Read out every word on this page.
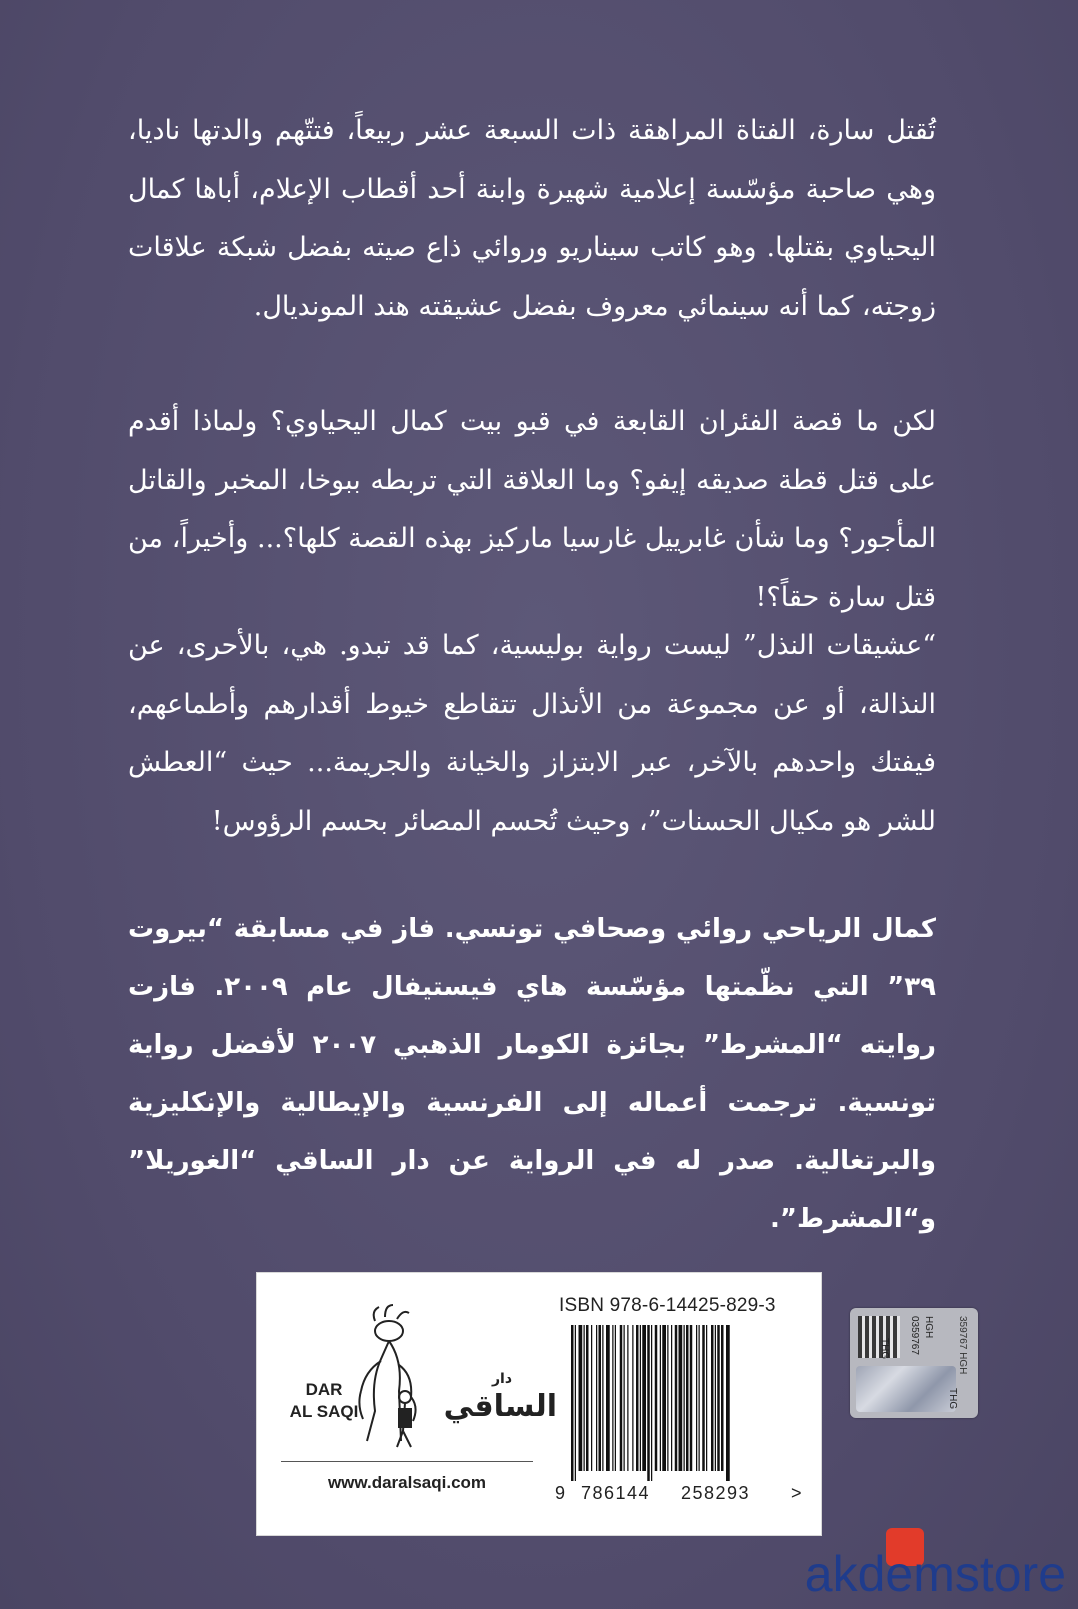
تُقتل سارة، الفتاة المراهقة ذات السبعة عشر ربيعاً، فتتّهم والدتها ناديا، وهي صاحبة مؤسّسة إعلامية شهيرة وابنة أحد أقطاب الإعلام، أباها كمال اليحياوي بقتلها. وهو كاتب سيناريو وروائي ذاع صيته بفضل شبكة علاقات زوجته، كما أنه سينمائي معروف بفضل عشيقته هند المونديال.

لكن ما قصة الفئران القابعة في قبو بيت كمال اليحياوي؟ ولماذا أقدم على قتل قطة صديقه إيفو؟ وما العلاقة التي تربطه ببوخا، المخبر والقاتل المأجور؟ وما شأن غابرييل غارسيا ماركيز بهذه القصة كلها؟... وأخيراً، من قتل سارة حقاً؟!

“عشيقات النذل” ليست رواية بوليسية، كما قد تبدو. هي، بالأحرى، عن النذالة، أو عن مجموعة من الأنذال تتقاطع خيوط أقدارهم وأطماعهم، فيفتك واحدهم بالآخر، عبر الابتزاز والخيانة والجريمة... حيث “العطش للشر هو مكيال الحسنات”، وحيث تُحسم المصائر بحسم الرؤوس!

كمال الرياحي روائي وصحافي تونسي. فاز في مسابقة “بيروت ٣٩” التي نظّمتها مؤسّسة هاي فيستيفال عام ٢٠٠٩. فازت روايته “المشرط” بجائزة الكومار الذهبي ٢٠٠٧ لأفضل رواية تونسية. ترجمت أعماله إلى الفرنسية والإيطالية والإنكليزية والبرتغالية. صدر له في الرواية عن دار الساقي “الغوريلا” و“المشرط”.

DAR
AL SAQI
دار
الساقي
www.daralsaqi.com
ISBN 978-6-14425-829-3
9 786144	258293	>
THG 0359767 HGH 359767 HGH
THG
akdemstore
